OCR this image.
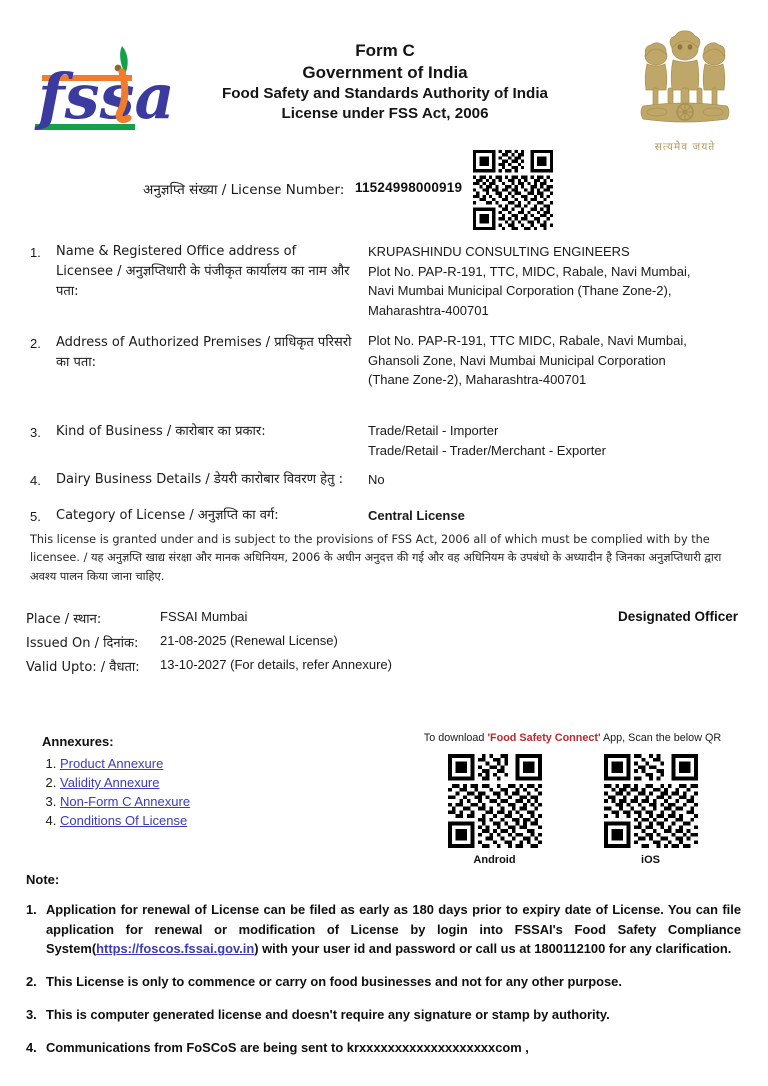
fssa
Form C
Government of India
Food Safety and Standards Authority of India
License under FSS Act, 2006
सत्यमेव जयते
अनुज्ञप्ति संख्या / License Number: 11524998000919
1. Name & Registered Office address of Licensee / अनुज्ञप्तिधारी के पंजीकृत कार्यालय का नाम और पता:
KRUPASHINDU CONSULTING ENGINEERS
Plot No. PAP-R-191, TTC, MIDC, Rabale, Navi Mumbai, Navi Mumbai Municipal Corporation (Thane Zone-2), Maharashtra-400701
2. Address of Authorized Premises / प्राधिकृत परिसरो का पता:
Plot No. PAP-R-191, TTC MIDC, Rabale, Navi Mumbai, Ghansoli Zone, Navi Mumbai Municipal Corporation (Thane Zone-2), Maharashtra-400701
3. Kind of Business / कारोबार का प्रकार:	Trade/Retail - Importer
Trade/Retail - Trader/Merchant - Exporter
4. Dairy Business Details / डेयरी कारोबार विवरण हेतु :	No
5. Category of License / अनुज्ञप्ति का वर्ग:	Central License
This license is granted under and is subject to the provisions of FSS Act, 2006 all of which must be complied with by the licensee. / यह अनुज्ञप्ति खाद्य संरक्षा और मानक अधिनियम, 2006 के अधीन अनुदत्त की गई और वह अधिनियम के उपबंधो के अध्यादीन है जिनका अनुज्ञप्तिधारी द्वारा अवश्य पालन किया जाना चाहिए.
Place / स्थान:	FSSAI Mumbai
Issued On / दिनांक: 21-08-2025 (Renewal License)
Valid Upto: / वैधता: 13-10-2027 (For details, refer Annexure)
Designated Officer
Annexures:
1. Product Annexure
2. Validity Annexure
3. Non-Form C Annexure
4. Conditions Of License
To download 'Food Safety Connect' App, Scan the below QR
Android	iOS
Note:
1. Application for renewal of License can be filed as early as 180 days prior to expiry date of License. You can file application for renewal or modification of License by login into FSSAI's Food Safety Compliance System(https://foscos.fssai.gov.in) with your user id and password or call us at 1800112100 for any clarification.
2. This License is only to commence or carry on food businesses and not for any other purpose.
3. This is computer generated license and doesn't require any signature or stamp by authority.
4. Communications from FoSCoS are being sent to krxxxxxxxxxxxxxxxxxxxcom ,
